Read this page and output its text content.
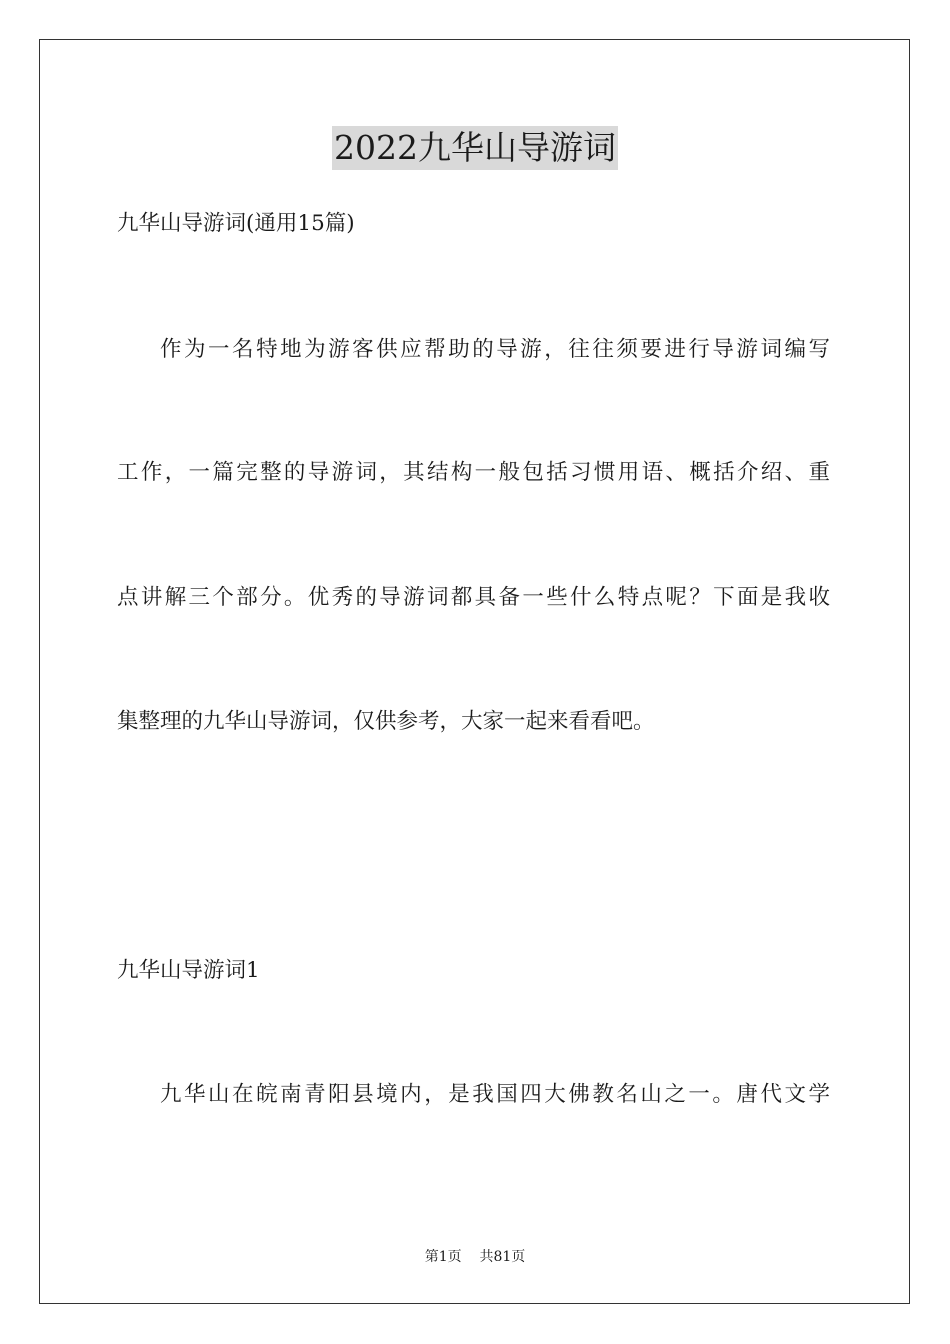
2022九华山导游词
九华山导游词(通用15篇)
作为一名特地为游客供应帮助的导游，往往须要进行导游词编写
工作，一篇完整的导游词，其结构一般包括习惯用语、概括介绍、重
点讲解三个部分。优秀的导游词都具备一些什么特点呢？下面是我收
集整理的九华山导游词，仅供参考，大家一起来看看吧。
九华山导游词1
九华山在皖南青阳县境内，是我国四大佛教名山之一。唐代文学
第1页    共81页
